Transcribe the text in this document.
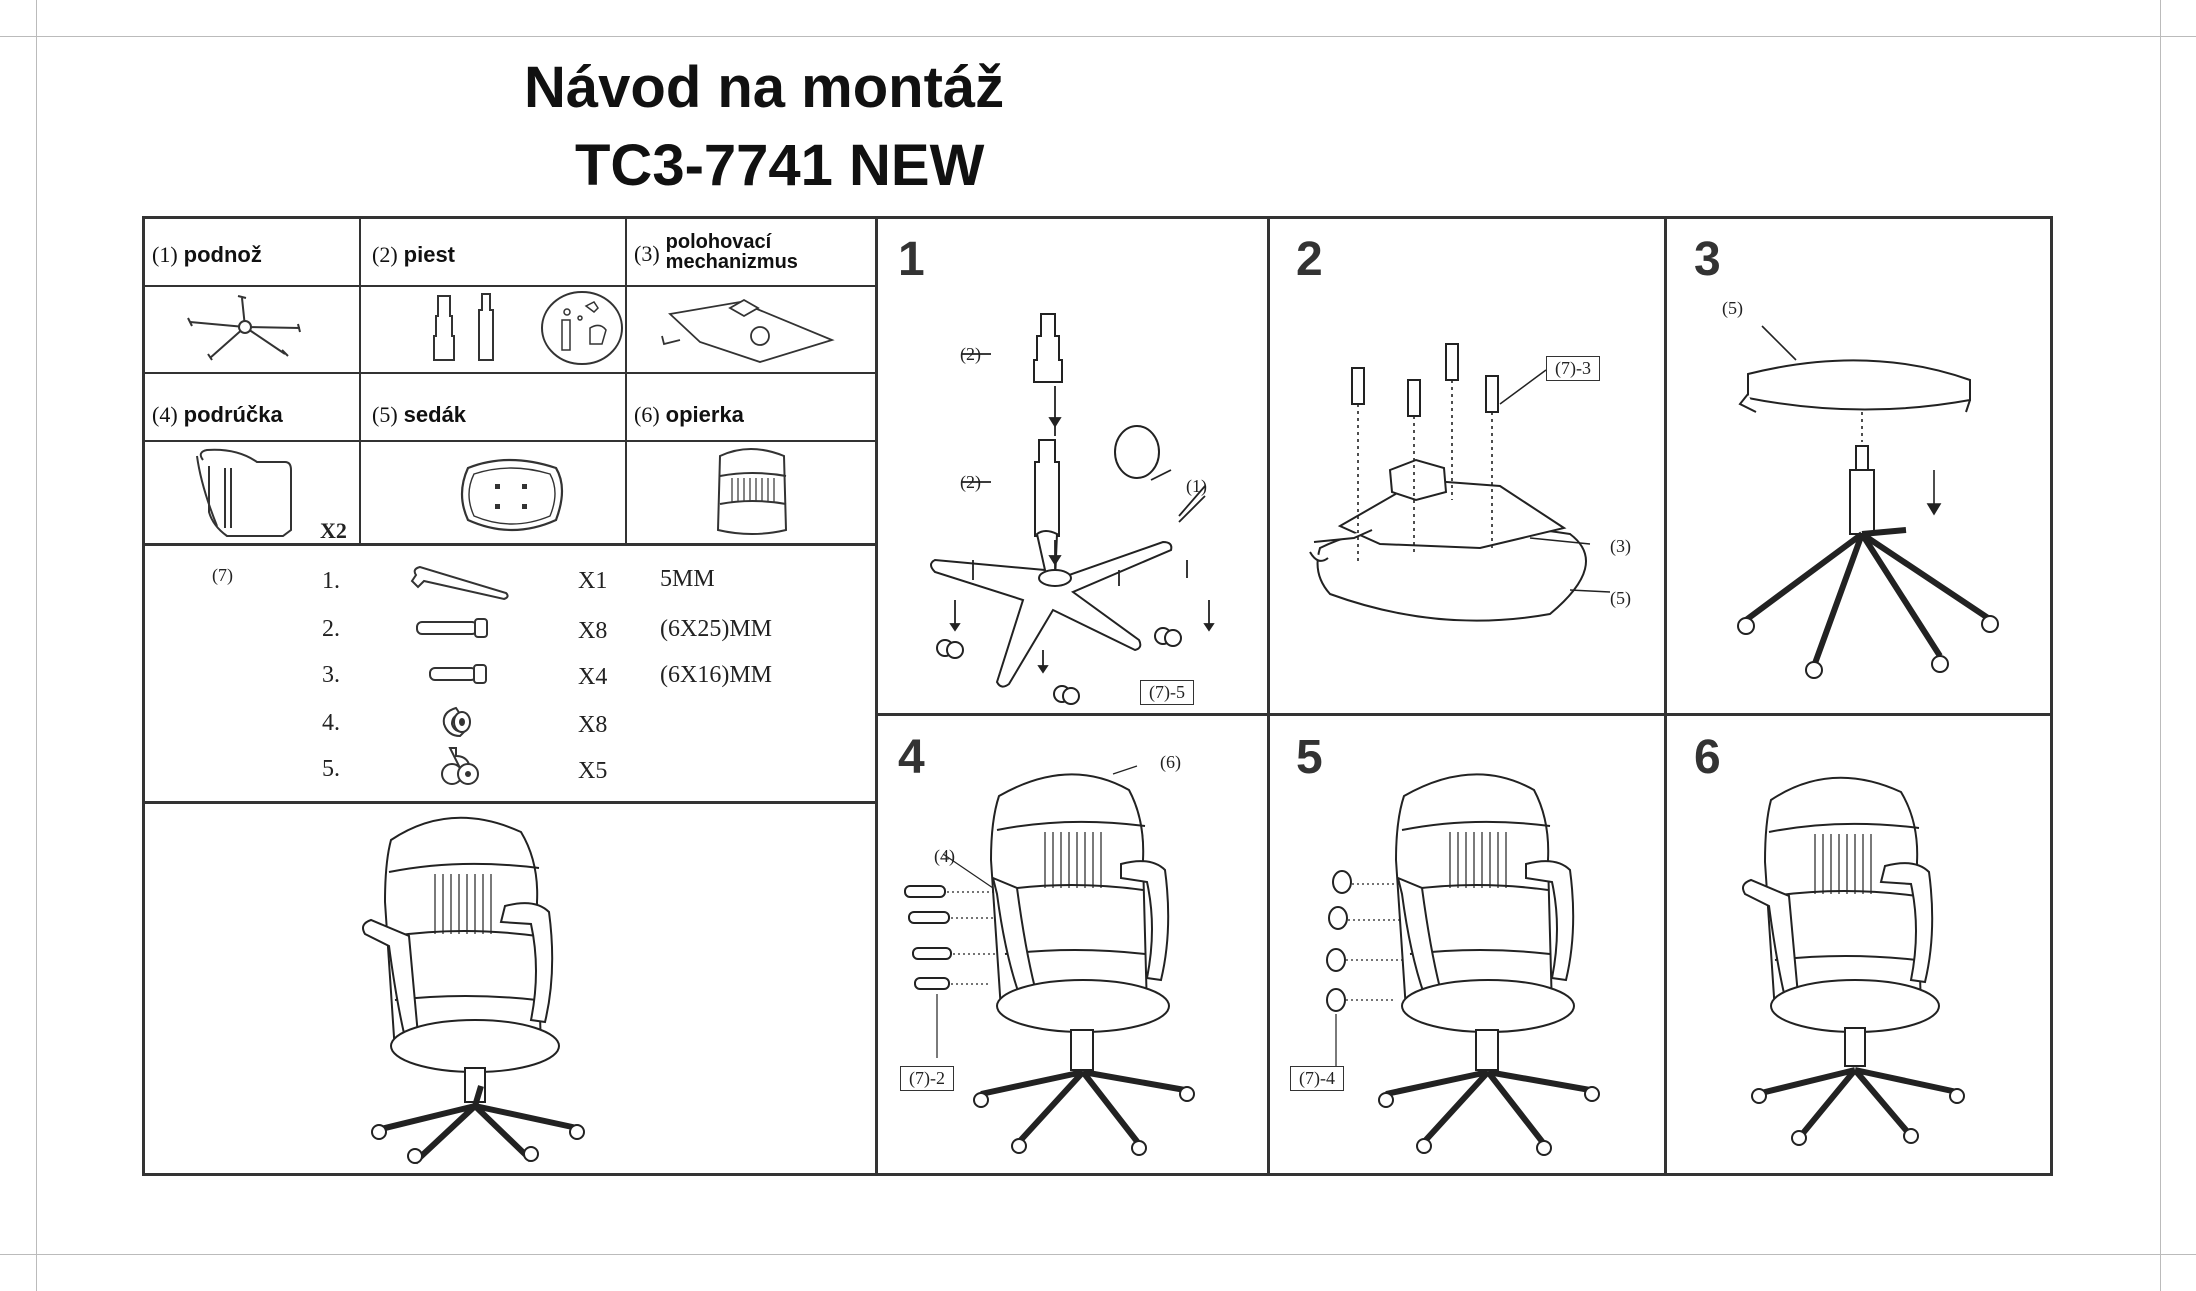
Návod na montáž
TC3-7741 NEW
(1) podnož	(2) piest	(3) polohovací
mechanizmus
(4) podrúčka	(5) sedák	(6) opierka
X2
(7)	1.	X1 5MM
2.	X8 (6X25)MM
3.	X4 (6X16)MM
4.	X8
5.	X5
1
(2)
(2)	(1)
(7)-5
2
(7)-3
(3)
(5)
3
(5)
4	(6)
(4)
(7)-2
5
(7)-4
6
